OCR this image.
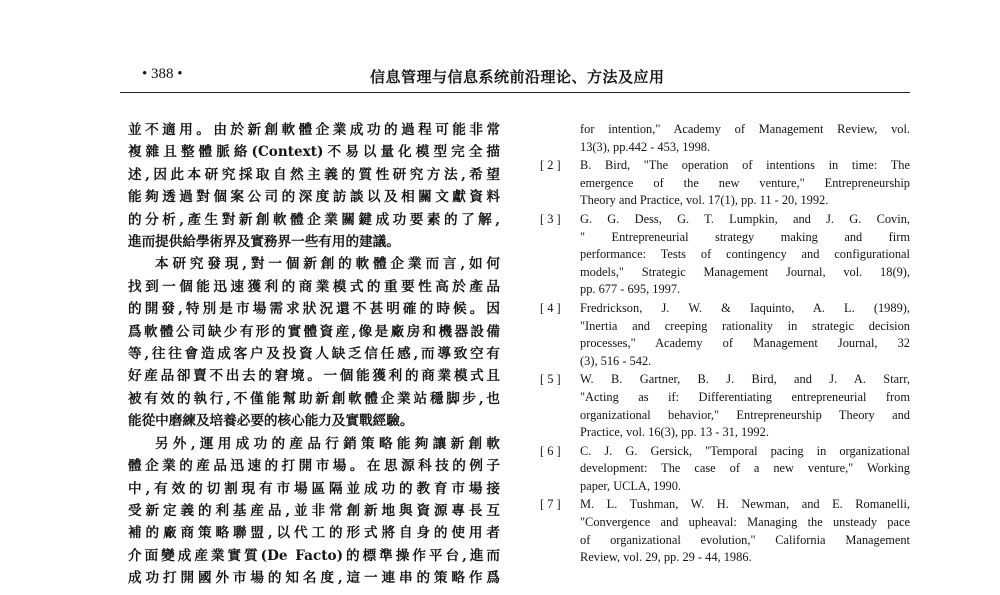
• 388 •	信息管理与信息系统前沿理论、方法及应用

並不適用。由於新創軟體企業成功的過程可能非常
複雜且整體脈絡(Context)不易以量化模型完全描
述,因此本研究採取自然主義的質性研究方法,希望
能夠透過對個案公司的深度訪談以及相關文獻資料
的分析,產生對新創軟體企業關鍵成功要素的了解,
進而提供給學術界及實務界一些有用的建議。

本研究發現,對一個新創的軟體企業而言,如何
找到一個能迅速獲利的商業模式的重要性高於產品
的開發,特別是市場需求狀況還不甚明確的時候。因
爲軟體公司缺少有形的實體資産,像是廠房和機器設備
等,往往會造成客户及投資人缺乏信任感,而導致空有
好産品卻賣不出去的窘境。一個能獲利的商業模式且
被有效的執行,不僅能幫助新創軟體企業站穩脚步,也
能從中磨練及培養必要的核心能力及實戰經驗。

另外,運用成功的産品行銷策略能夠讓新創軟
體企業的産品迅速的打開市場。在思源科技的例子
中,有效的切割現有市場區隔並成功的教育市場接
受新定義的利基産品,並非常創新地與資源專長互
補的廠商策略聯盟,以代工的形式將自身的使用者
介面變成産業實質(De Facto)的標準操作平台,進而
成功打開國外市場的知名度,這一連串的策略作爲

for intention," Academy of Management Review, vol.
13(3), pp.442 - 453, 1998.
[ 2 ]	B. Bird, "The operation of intentions in time: The
emergence of the new venture," Entrepreneurship
Theory and Practice, vol. 17(1), pp. 11 - 20, 1992.
[ 3 ]	G. G. Dess, G. T. Lumpkin, and J. G. Covin,
" Entrepreneurial strategy making and firm
performance: Tests of contingency and configurational
models," Strategic Management Journal, vol. 18(9),
pp. 677 - 695, 1997.
[ 4 ]	Fredrickson, J. W. & Iaquinto, A. L. (1989),
"Inertia and creeping rationality in strategic decision
processes," Academy of Management Journal, 32
(3), 516 - 542.
[ 5 ]	W. B. Gartner, B. J. Bird, and J. A. Starr,
"Acting as if: Differentiating entrepreneurial from
organizational behavior," Entrepreneurship Theory and
Practice, vol. 16(3), pp. 13 - 31, 1992.
[ 6 ]	C. J. G. Gersick, "Temporal pacing in organizational
development: The case of a new venture," Working
paper, UCLA, 1990.
[ 7 ]	M. L. Tushman, W. H. Newman, and E. Romanelli,
"Convergence and upheaval: Managing the unsteady pace
of organizational evolution," California Management
Review, vol. 29, pp. 29 - 44, 1986.
